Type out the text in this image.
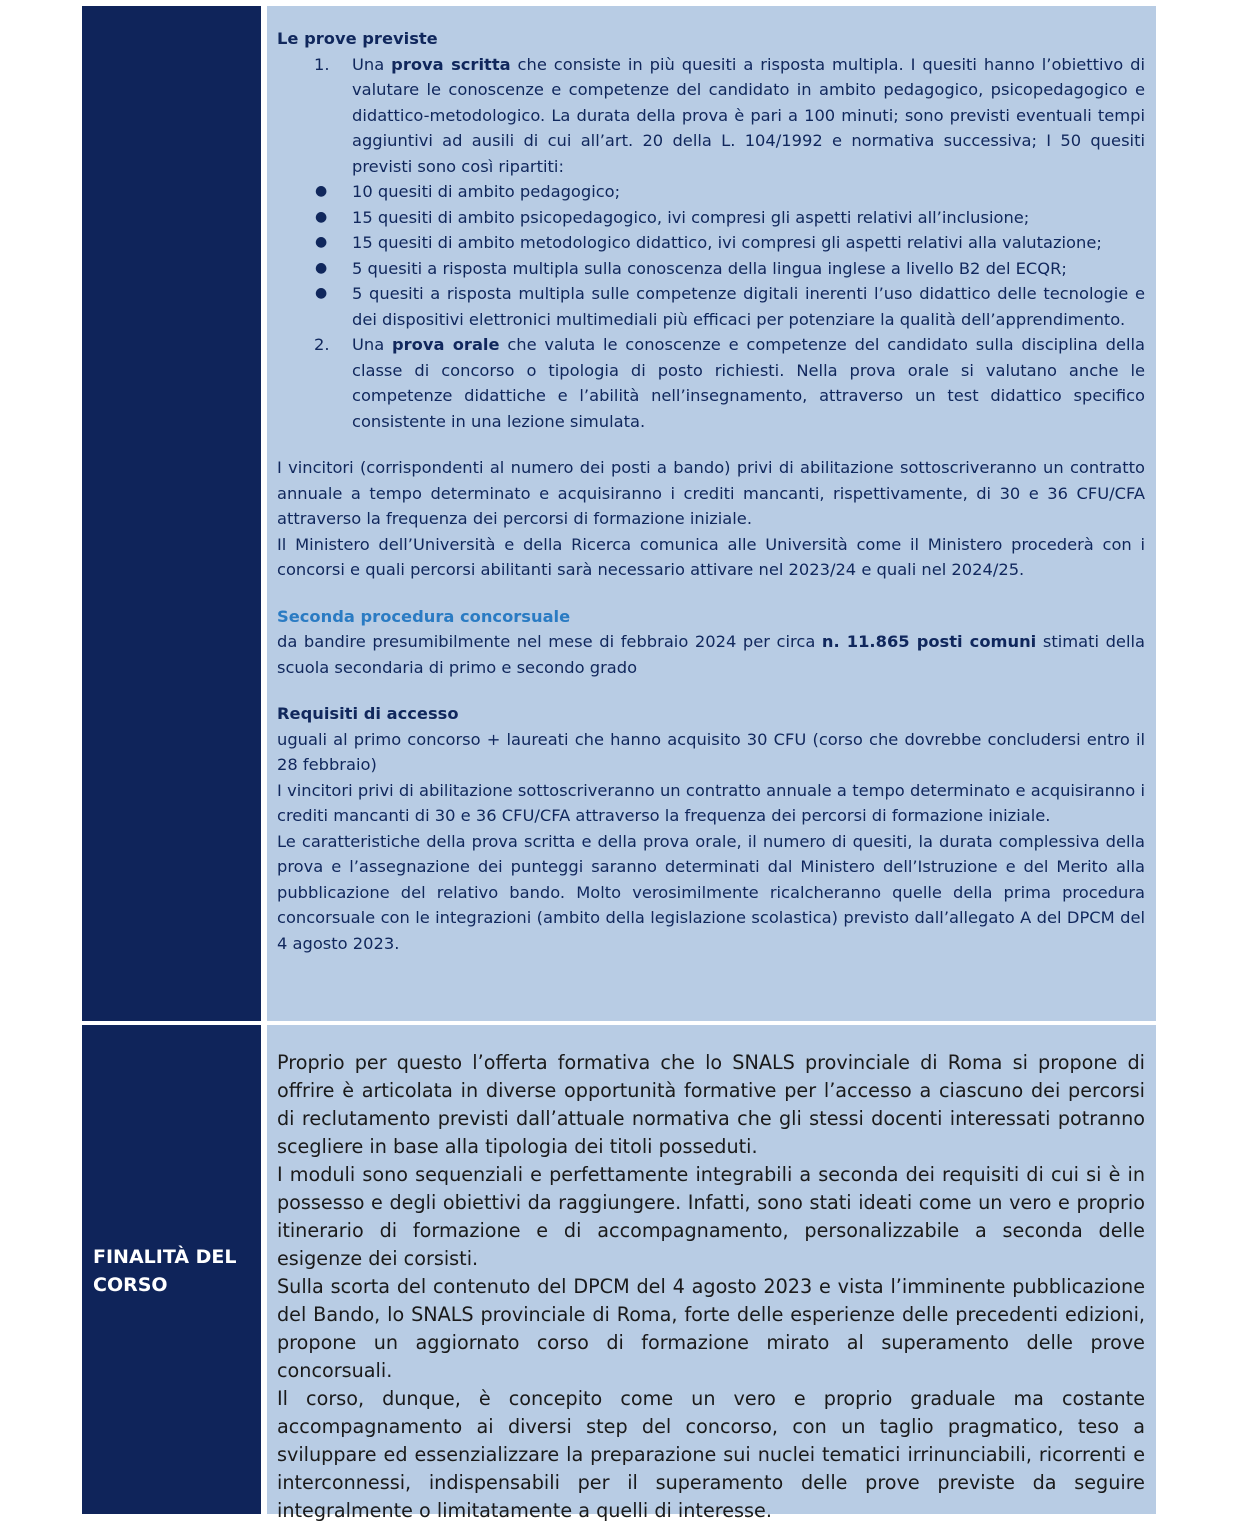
Le prove previste

1. Una prova scritta che consiste in più quesiti a risposta multipla. I quesiti hanno l’obiettivo di valutare le conoscenze e competenze del candidato in ambito pedagogico, psicopedagogico e didattico-metodologico. La durata della prova è pari a 100 minuti; sono previsti eventuali tempi aggiuntivi ad ausili di cui all’art. 20 della L. 104/1992 e normativa successiva; I 50 quesiti previsti sono così ripartiti:
● 10 quesiti di ambito pedagogico;
● 15 quesiti di ambito psicopedagogico, ivi compresi gli aspetti relativi all’inclusione;
● 15 quesiti di ambito metodologico didattico, ivi compresi gli aspetti relativi alla valutazione;
● 5 quesiti a risposta multipla sulla conoscenza della lingua inglese a livello B2 del ECQR;
● 5 quesiti a risposta multipla sulle competenze digitali inerenti l’uso didattico delle tecnologie e dei dispositivi elettronici multimediali più efficaci per potenziare la qualità dell’apprendimento.
2. Una prova orale che valuta le conoscenze e competenze del candidato sulla disciplina della classe di concorso o tipologia di posto richiesti. Nella prova orale si valutano anche le competenze didattiche e l’abilità nell’insegnamento, attraverso un test didattico specifico consistente in una lezione simulata.

I vincitori (corrispondenti al numero dei posti a bando) privi di abilitazione sottoscriveranno un contratto annuale a tempo determinato e acquisiranno i crediti mancanti, rispettivamente, di 30 e 36 CFU/CFA attraverso la frequenza dei percorsi di formazione iniziale.

Il Ministero dell’Università e della Ricerca comunica alle Università come il Ministero procederà con i concorsi e quali percorsi abilitanti sarà necessario attivare nel 2023/24 e quali nel 2024/25.

Seconda procedura concorsuale

da bandire presumibilmente nel mese di febbraio 2024 per circa n. 11.865 posti comuni stimati della scuola secondaria di primo e secondo grado

Requisiti di accesso

uguali al primo concorso + laureati che hanno acquisito 30 CFU (corso che dovrebbe concludersi entro il 28 febbraio)

I vincitori privi di abilitazione sottoscriveranno un contratto annuale a tempo determinato e acquisiranno i crediti mancanti di 30 e 36 CFU/CFA attraverso la frequenza dei percorsi di formazione iniziale.

Le caratteristiche della prova scritta e della prova orale, il numero di quesiti, la durata complessiva della prova e l’assegnazione dei punteggi saranno determinati dal Ministero dell’Istruzione e del Merito alla pubblicazione del relativo bando. Molto verosimilmente ricalcheranno quelle della prima procedura concorsuale con le integrazioni (ambito della legislazione scolastica) previsto dall’allegato A del DPCM del 4 agosto 2023.

FINALITÀ DEL
CORSO

Proprio per questo l’offerta formativa che lo SNALS provinciale di Roma si propone di offrire è articolata in diverse opportunità formative per l’accesso a ciascuno dei percorsi di reclutamento previsti dall’attuale normativa che gli stessi docenti interessati potranno scegliere in base alla tipologia dei titoli posseduti.

I moduli sono sequenziali e perfettamente integrabili a seconda dei requisiti di cui si è in possesso e degli obiettivi da raggiungere. Infatti, sono stati ideati come un vero e proprio itinerario di formazione e di accompagnamento, personalizzabile a seconda delle esigenze dei corsisti.

Sulla scorta del contenuto del DPCM del 4 agosto 2023 e vista l’imminente pubblicazione del Bando, lo SNALS provinciale di Roma, forte delle esperienze delle precedenti edizioni, propone un aggiornato corso di formazione mirato al superamento delle prove concorsuali.

Il corso, dunque, è concepito come un vero e proprio graduale ma costante accompagnamento ai diversi step del concorso, con un taglio pragmatico, teso a sviluppare ed essenzializzare la preparazione sui nuclei tematici irrinunciabili, ricorrenti e interconnessi, indispensabili per il superamento delle prove previste da seguire integralmente o limitatamente a quelli di interesse.
